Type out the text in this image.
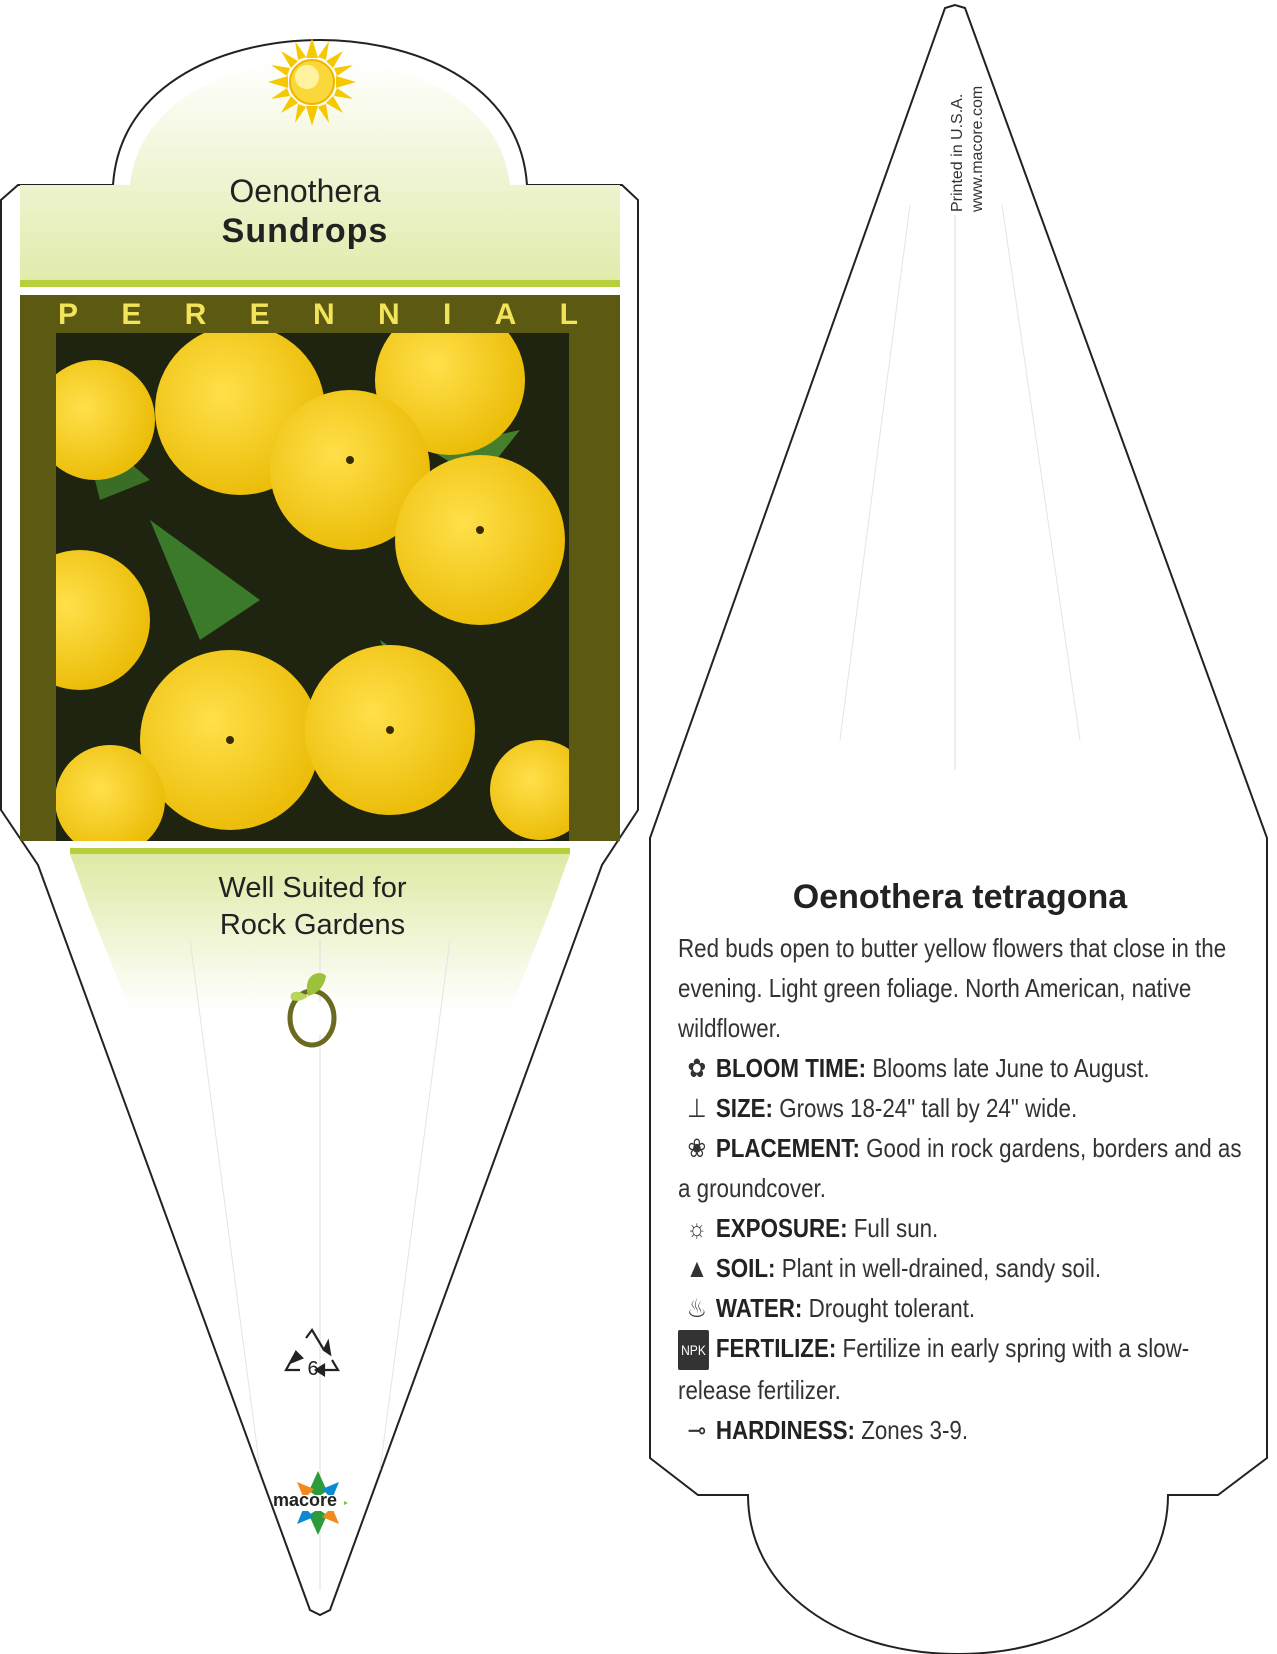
Oenothera
Sundrops
P E R E N N I A L
Well Suited for
Rock Gardens
6
macore
Printed in U.S.A. www.macore.com
Oenothera tetragona
Red buds open to butter yellow flowers that close in the evening. Light green foliage. North American, native wildflower.
✿ BLOOM TIME: Blooms late June to August.
⊥ SIZE: Grows 18-24" tall by 24" wide.
❀ PLACEMENT: Good in rock gardens, borders and as a groundcover.
☼ EXPOSURE: Full sun.
▲ SOIL: Plant in well-drained, sandy soil.
♨ WATER: Drought tolerant.
NPK FERTILIZE: Fertilize in early spring with a slow-release fertilizer.
⊸ HARDINESS: Zones 3-9.
